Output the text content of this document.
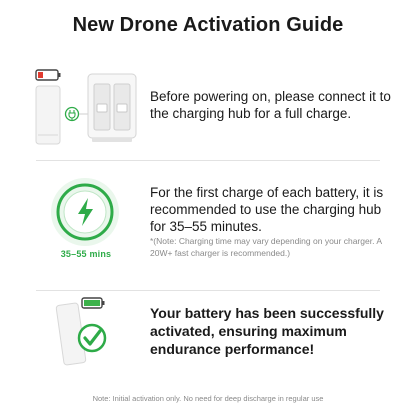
New Drone Activation Guide
Before powering on, please connect it to the charging hub for a full charge.
35–55 mins
For the first charge of each battery, it is recommended to use the charging hub for 35–55 minutes.
*(Note: Charging time may vary depending on your charger. A 20W+ fast charger is recommended.)
Your battery has been successfully activated, ensuring maximum endurance performance!
Note: Initial activation only. No need for deep discharge in regular use
